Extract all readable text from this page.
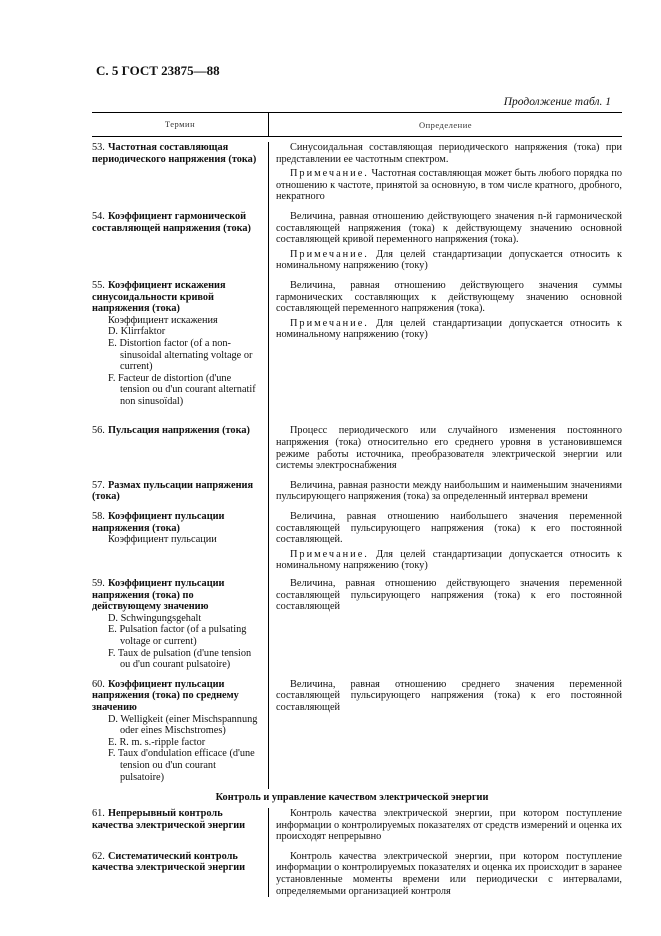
С. 5 ГОСТ 23875—88
Продолжение табл. 1
Термин	Определение
53. Частотная составляющая периодического напряжения (тока)

Синусоидальная составляющая периодического напряжения (тока) при представлении ее частотным спектром.

Примечание. Частотная составляющая может быть любого порядка по отношению к частоте, принятой за основную, в том числе кратного, дробного, некратного
54. Коэффициент гармонической составляющей напряжения (тока)

Величина, равная отношению действующего значения n-й гармонической составляющей напряжения (тока) к действующему значению основной составляющей кривой переменного напряжения (тока).

Примечание. Для целей стандартизации допускается относить к номинальному напряжению (току)
55. Коэффициент искажения синусоидальности кривой напряжения (тока)
Коэффициент искажения
D. Klirrfaktor
E. Distortion factor (of a non-sinusoidal alternating voltage or current)
F. Facteur de distortion (d'une tension ou d'un courant alternatif non sinusoïdal)

Величина, равная отношению действующего значения суммы гармонических составляющих к действующему значению основной составляющей переменного напряжения (тока).

Примечание. Для целей стандартизации допускается относить к номинальному напряжению (току)
56. Пульсация напряжения (тока)	Процесс периодического или случайного изменения постоянного напряжения (тока) относительно его среднего уровня в установившемся режиме работы источника, преобразователя электрической энергии или системы электроснабжения

57. Размах пульсации напряжения (тока)

Величина, равная разности между наибольшим и наименьшим значениями пульсирующего напряжения (тока) за определенный интервал времени

58. Коэффициент пульсации напряжения (тока)
Коэффициент пульсации

Величина, равная отношению наибольшего значения переменной составляющей пульсирующего напряжения (тока) к его постоянной составляющей.

Примечание. Для целей стандартизации допускается относить к номинальному напряжению (току)
59. Коэффициент пульсации напряжения (тока) по действующему значению
D. Schwingungsgehalt
E. Pulsation factor (of a pulsating voltage or current)
F. Taux de pulsation (d'une tension ou d'un courant pulsatoire)

Величина, равная отношению действующего значения переменной составляющей пульсирующего напряжения (тока) к его постоянной составляющей

60. Коэффициент пульсации напряжения (тока) по среднему значению
D. Welligkeit (einer Mischspannung oder eines Mischstromes)
E. R. m. s.-ripple factor
F. Taux d'ondulation efficace (d'une tension ou d'un courant pulsatoire)

Величина, равная отношению среднего значения переменной составляющей пульсирующего напряжения (тока) к его постоянной составляющей

Контроль и управление качеством электрической энергии
61. Непрерывный контроль качества электрической энергии

Контроль качества электрической энергии, при котором поступление информации о контролируемых показателях от средств измерений и оценка их происходят непрерывно

62. Систематический контроль качества электрической энергии

Контроль качества электрической энергии, при котором поступление информации о контролируемых показателях и оценка их происходит в заранее установленные моменты времени или периодически с интервалами, определяемыми организацией контроля
